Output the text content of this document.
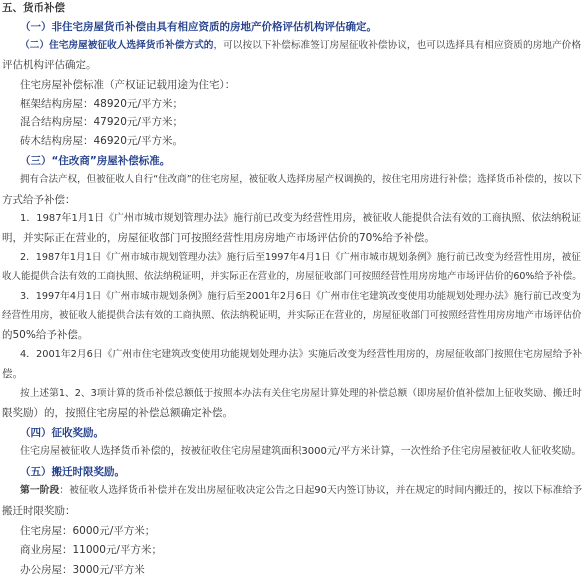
五、货币补偿
（一）非住宅房屋货币补偿由具有相应资质的房地产价格评估机构评估确定。
（二）住宅房屋被征收人选择货币补偿方式的，可以按以下补偿标准签订房屋征收补偿协议，也可以选择具有相应资质的房地产价格
评估机构评估确定。
住宅房屋补偿标准（产权证记载用途为住宅）：
框架结构房屋：48920元/平方米；
混合结构房屋：47920元/平方米；
砖木结构房屋：46920元/平方米。
（三）“住改商”房屋补偿标准。
拥有合法产权，但被征收人自行“住改商”的住宅房屋，被征收人选择房屋产权调换的，按住宅用房进行补偿；选择货币补偿的，按以下
方式给予补偿：
1．1987年1月1日《广州市城市规划管理办法》施行前已改变为经营性用房，被征收人能提供合法有效的工商执照、依法纳税证
明，并实际正在营业的，房屋征收部门可按照经营性用房房地产市场评估价的70%给予补偿。
2．1987年1月1日《广州市城市规划管理办法》施行后至1997年4月1日《广州市城市规划条例》施行前已改变为经营性用房，被征
收人能提供合法有效的工商执照、依法纳税证明，并实际正在营业的，房屋征收部门可按照经营性用房房地产市场评估价的60%给予补偿。
3．1997年4月1日《广州市城市规划条例》施行后至2001年2月6日《广州市住宅建筑改变使用功能规划处理办法》施行前已改变为
经营性用房，被征收人能提供合法有效的工商执照、依法纳税证明，并实际正在营业的，房屋征收部门可按照经营性用房房地产市场评估价
的50%给予补偿。
4．2001年2月6日《广州市住宅建筑改变使用功能规划处理办法》实施后改变为经营性用房的，房屋征收部门按照住宅房屋给予补
偿。
按上述第1、2、3项计算的货币补偿总额低于按照本办法有关住宅房屋计算处理的补偿总额（即房屋价值补偿加上征收奖励、搬迁时
限奖励）的，按照住宅房屋的补偿总额确定补偿。
（四）征收奖励。
住宅房屋被征收人选择货币补偿的，按被征收住宅房屋建筑面积3000元/平方米计算，一次性给予住宅房屋被征收人征收奖励。
（五）搬迁时限奖励。
第一阶段：被征收人选择货币补偿并在发出房屋征收决定公告之日起90天内签订协议，并在规定的时间内搬迁的，按以下标准给予
搬迁时限奖励：
住宅房屋：6000元/平方米；
商业房屋：11000元/平方米；
办公房屋：3000元/平方米
